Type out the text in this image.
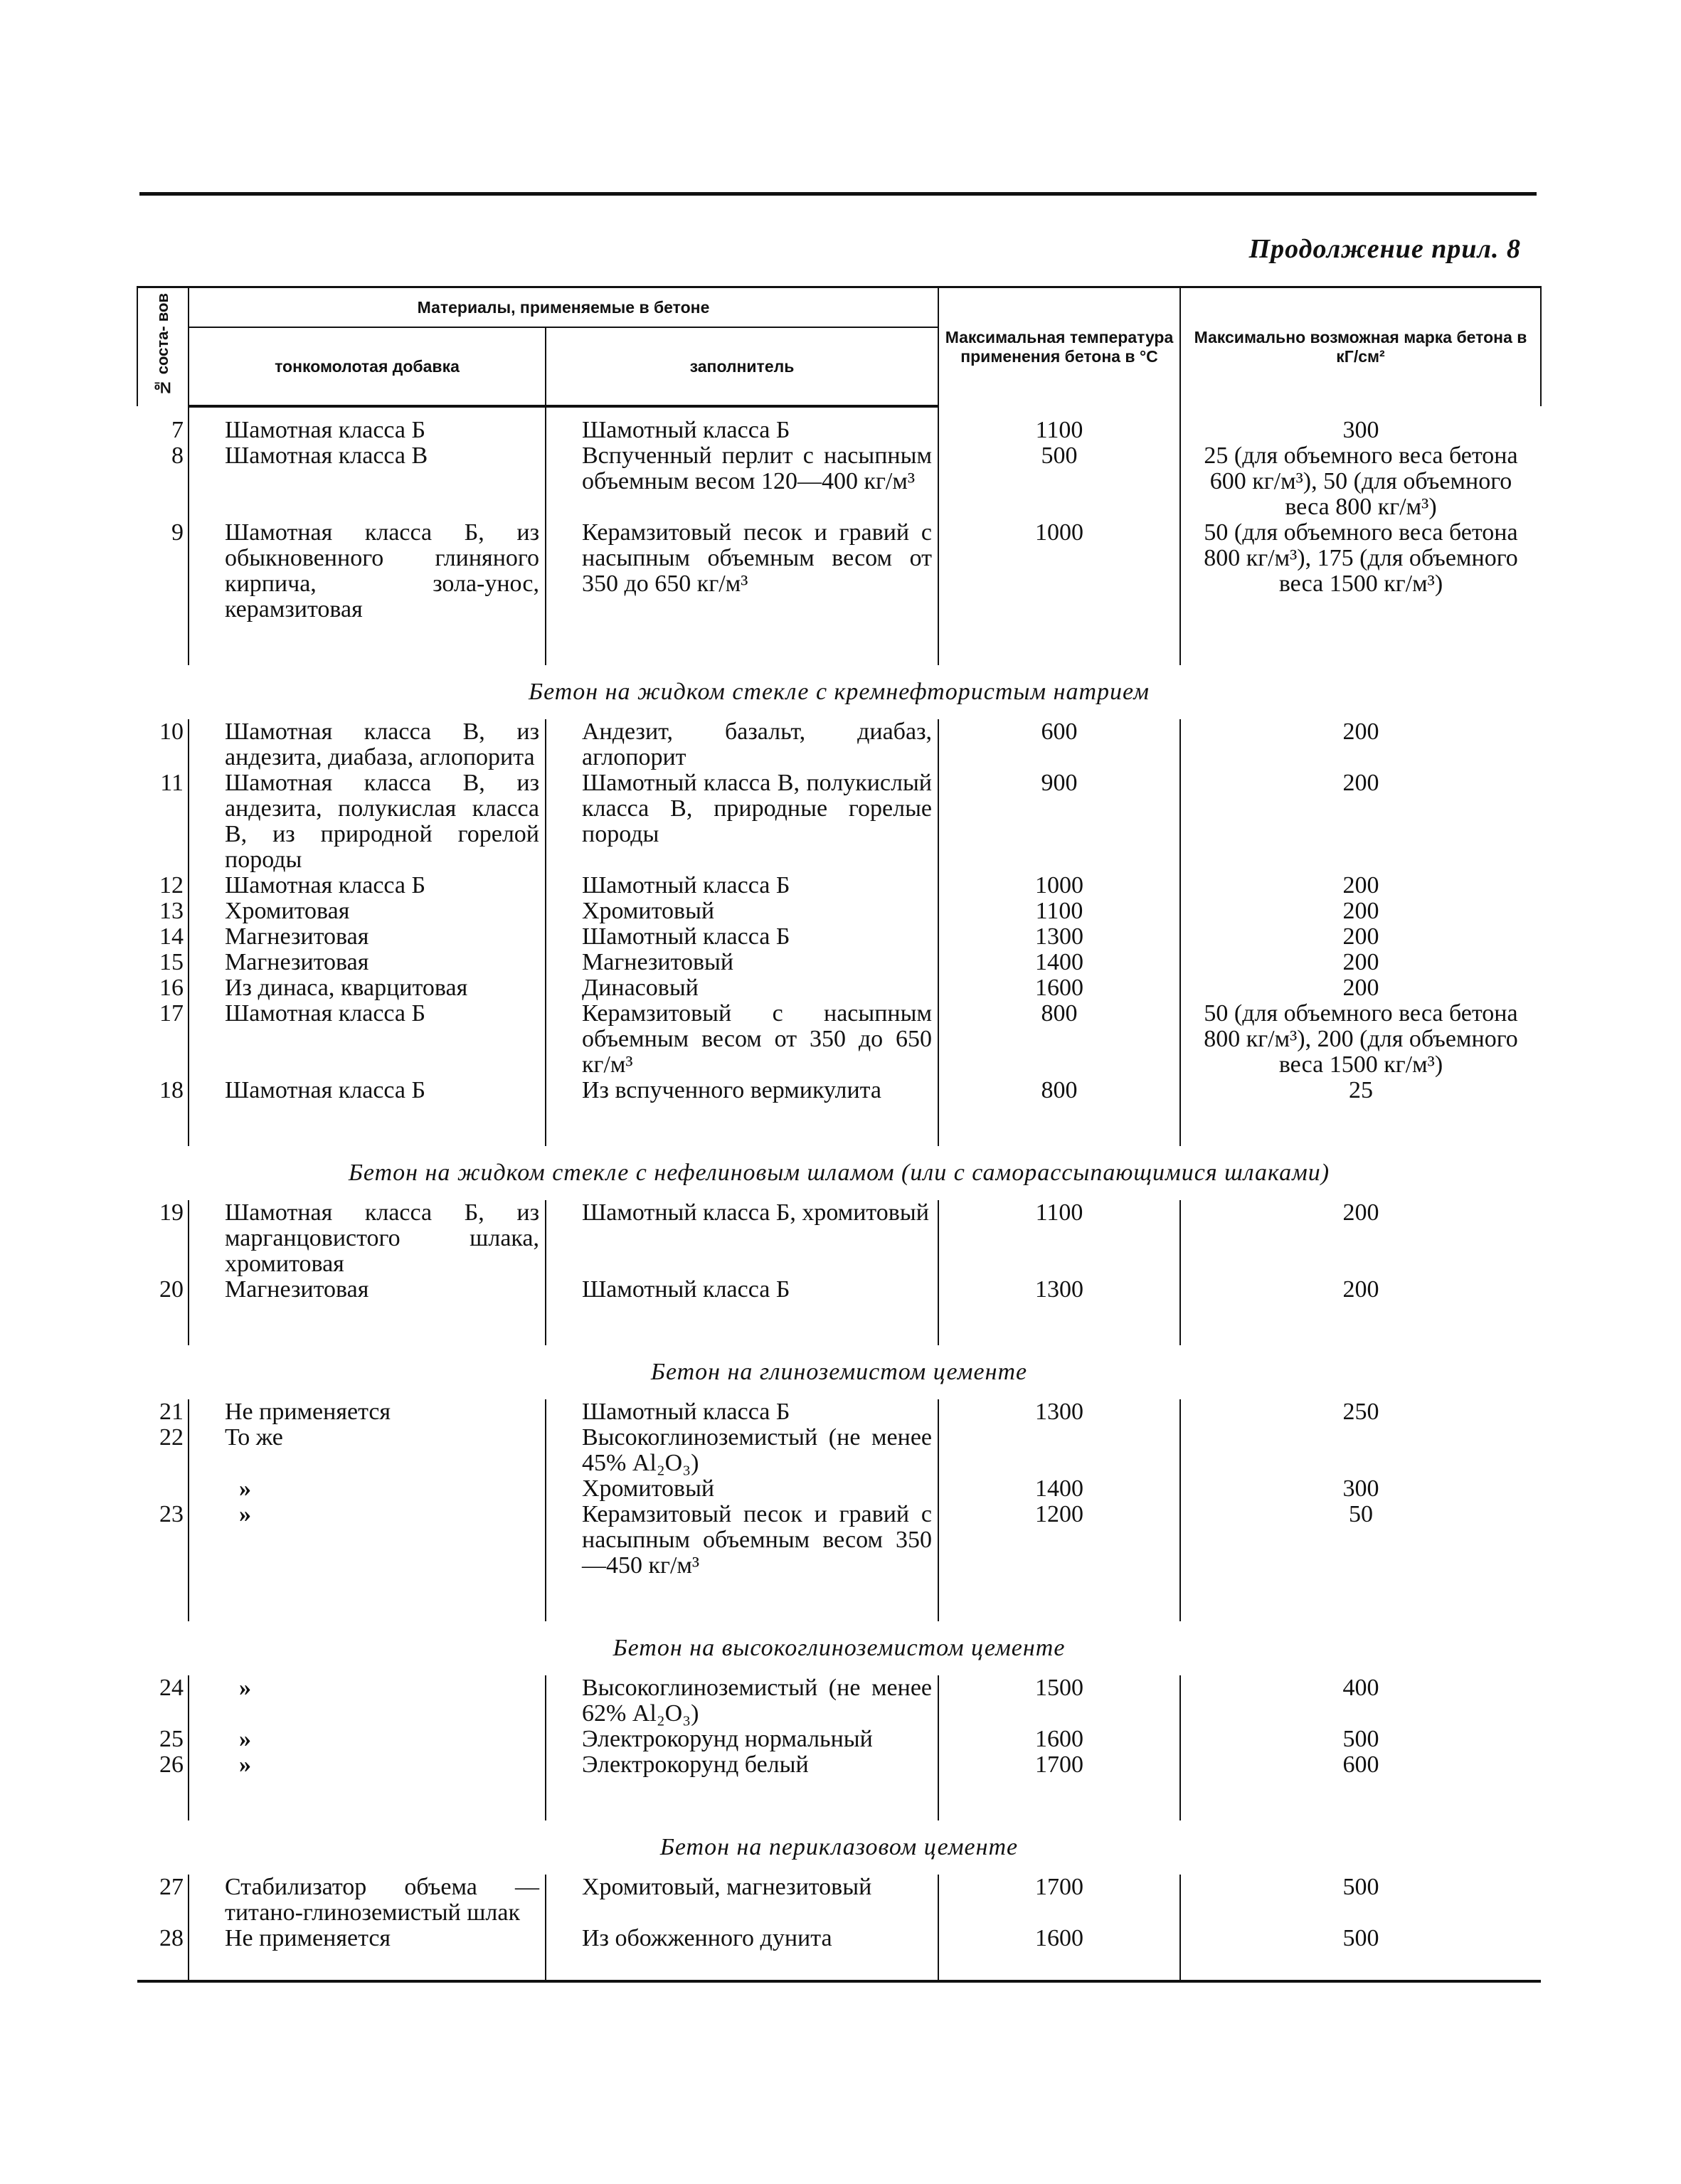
Продолжение прил. 8
№ соста- вов	Материалы, применяемые в бетоне		Максимальная температура применения бетона в °С	Максимально возможная марка бетона в кГ/см²
	тонкомолотая добавка	заполнитель		

7	Шамотная класса Б	Шамотный класса Б	1100	300
8	Шамотная класса В	Вспученный перлит с насыпным объемным весом 120—400 кг/м³	500	25 (для объемного веса бетона 600 кг/м³), 50 (для объемного веса 800 кг/м³)
9	Шамотная класса Б, из обыкновенного глиняного кирпича, зола-унос, керамзитовая	Керамзитовый песок и гравий с насыпным объемным весом от 350 до 650 кг/м³	1000	50 (для объемного веса бетона 800 кг/м³), 175 (для объемного веса 1500 кг/м³)

Бетон на жидком стекле с кремнефтористым натрием				
10	Шамотная класса В, из андезита, диабаза, аглопорита	Андезит, базальт, диабаз, аглопорит	600	200
11	Шамотная класса В, из андезита, полукислая класса В, из природной горелой породы	Шамотный класса В, полукислый класса В, природные горелые породы	900	200
12	Шамотная класса Б	Шамотный класса Б	1000	200
13	Хромитовая	Хромитовый	1100	200
14	Магнезитовая	Шамотный класса Б	1300	200
15	Магнезитовая	Магнезитовый	1400	200
16	Из динаса, кварцитовая	Динасовый	1600	200
17	Шамотная класса Б	Керамзитовый с насыпным объемным весом от 350 до 650 кг/м³	800	50 (для объемного веса бетона 800 кг/м³), 200 (для объемного веса 1500 кг/м³)
18	Шамотная класса Б	Из вспученного вермикулита	800	25

Бетон на жидком стекле с нефелиновым шламом (или с саморассыпающимися шлаками)				
19	Шамотная класса Б, из марганцовистого шлака, хромитовая	Шамотный класса Б, хромитовый	1100	200
20	Магнезитовая	Шамотный класса Б	1300	200

Бетон на глиноземистом цементе				
21	Не применяется	Шамотный класса Б	1300	250
22	То же	Высокоглиноземистый (не менее 45% Al₂O₃)		
	»	Хромитовый	1400	300
23	»	Керамзитовый песок и гравий с насыпным объемным весом 350—450 кг/м³	1200	50

Бетон на высокоглиноземистом цементе				
24	»	Высокоглиноземистый (не менее 62% Al₂O₃)	1500	400
25	»	Электрокорунд нормальный	1600	500
26	»	Электрокорунд белый	1700	600

Бетон на периклазовом цементе				
27	Стабилизатор объема —титано-глиноземистый шлак	Хромитовый, магнезитовый	1700	500
28	Не применяется	Из обожженного дунита	1600	500
